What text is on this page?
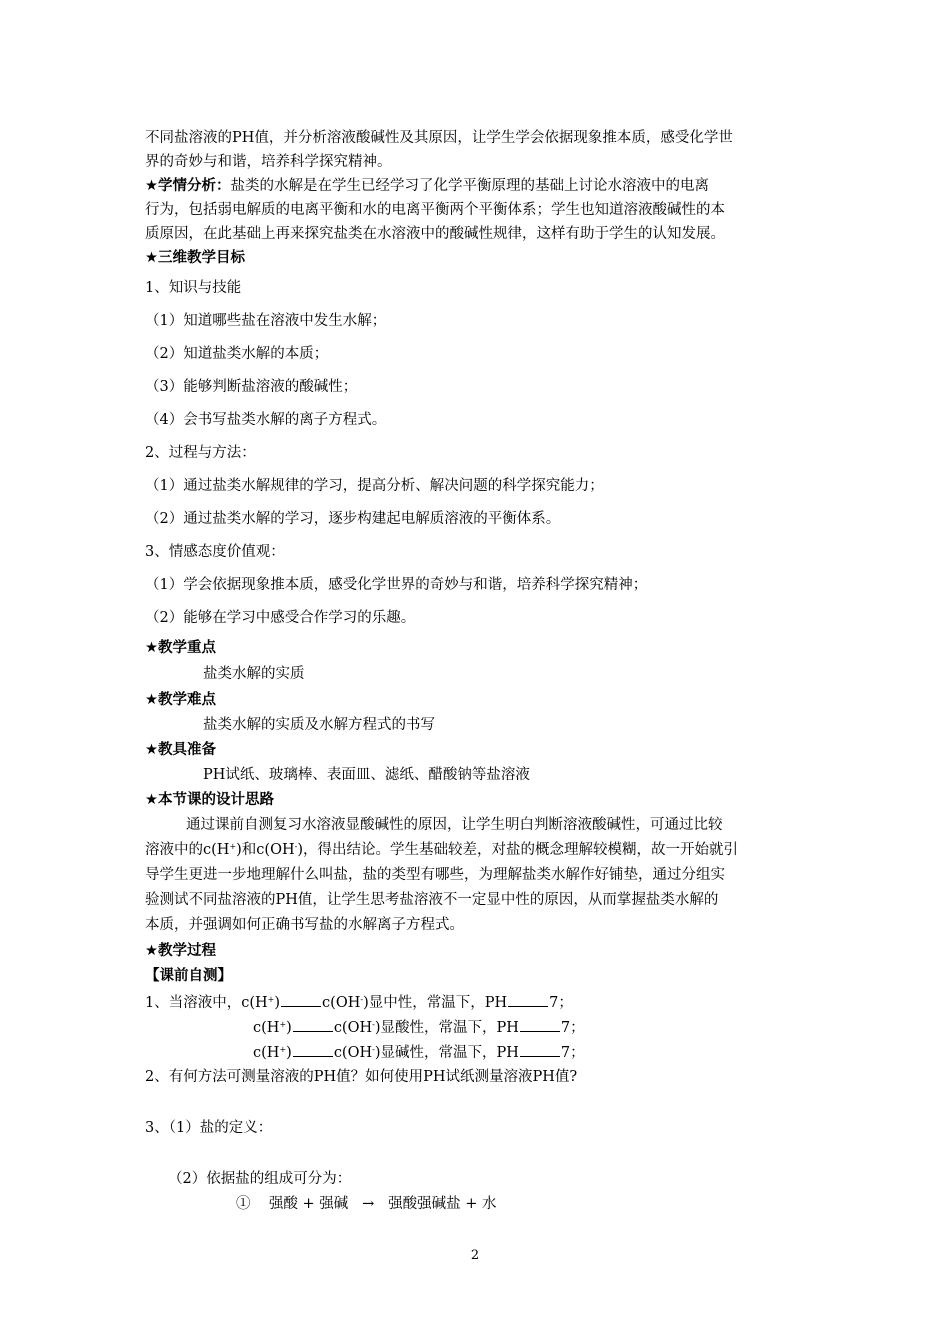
不同盐溶液的PH值，并分析溶液酸碱性及其原因，让学生学会依据现象推本质，感受化学世
界的奇妙与和谐，培养科学探究精神。
★学情分析：盐类的水解是在学生已经学习了化学平衡原理的基础上讨论水溶液中的电离
行为，包括弱电解质的电离平衡和水的电离平衡两个平衡体系；学生也知道溶液酸碱性的本
质原因，在此基础上再来探究盐类在水溶液中的酸碱性规律，这样有助于学生的认知发展。
★三维教学目标
1、知识与技能
（1）知道哪些盐在溶液中发生水解；
（2）知道盐类水解的本质；
（3）能够判断盐溶液的酸碱性；
（4）会书写盐类水解的离子方程式。
2、过程与方法：
（1）通过盐类水解规律的学习，提高分析、解决问题的科学探究能力；
（2）通过盐类水解的学习，逐步构建起电解质溶液的平衡体系。
3、情感态度价值观：
（1）学会依据现象推本质，感受化学世界的奇妙与和谐，培养科学探究精神；
（2）能够在学习中感受合作学习的乐趣。
★教学重点
盐类水解的实质
★教学难点
盐类水解的实质及水解方程式的书写
★教具准备
PH试纸、玻璃棒、表面皿、滤纸、醋酸钠等盐溶液
★本节课的设计思路
通过课前自测复习水溶液显酸碱性的原因，让学生明白判断溶液酸碱性，可通过比较
溶液中的c(H+)和c(OH-)，得出结论。学生基础较差，对盐的概念理解较模糊，故一开始就引
导学生更进一步地理解什么叫盐，盐的类型有哪些，为理解盐类水解作好铺垫，通过分组实
验测试不同盐溶液的PH值，让学生思考盐溶液不一定显中性的原因，从而掌握盐类水解的
本质，并强调如何正确书写盐的水解离子方程式。
★教学过程
【课前自测】
1、当溶液中，c(H+)	c(OH-)显中性，常温下，PH	7；
c(H+)	c(OH-)显酸性，常温下，PH	7；
c(H+)	c(OH-)显碱性，常温下，PH	7；
2、有何方法可测量溶液的PH值？如何使用PH试纸测量溶液PH值?
3、（1）盐的定义：
（2）依据盐的组成可分为：
①    强酸 + 强碱   →   强酸强碱盐 + 水
2
